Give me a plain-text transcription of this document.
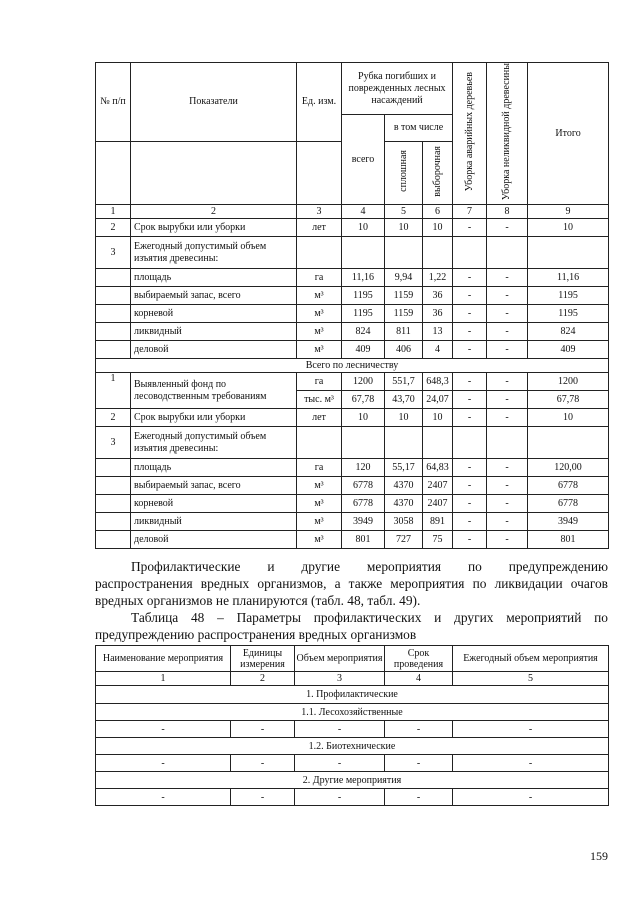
№ п/п	Показатели	Ед. изм.	Рубка погибших и поврежденных лесных насаждений			Уборка аварийных деревьев	Уборка неликвидной древесины	Итого
			всего	в том числе				
				сплошная	выборочная			
1	2	3	4	5	6	7	8	9
2	Срок вырубки или уборки	лет	10	10	10	-	-	10
3	Ежегодный допустимый объем изъятия древесины:							
	площадь	га	11,16	9,94	1,22	-	-	11,16
	выбираемый запас, всего	м³	1195	1159	36	-	-	1195
	корневой	м³	1195	1159	36	-	-	1195
	ликвидный	м³	824	811	13	-	-	824
	деловой	м³	409	406	4	-	-	409
Всего по лесничеству								
1	Выявленный фонд по лесоводственным требованиям	га	1200	551,7	648,3	-	-	1200
		тыс. м³	67,78	43,70	24,07	-	-	67,78
2	Срок вырубки или уборки	лет	10	10	10	-	-	10
3	Ежегодный допустимый объем изъятия древесины:							
	площадь	га	120	55,17	64,83	-	-	120,00
	выбираемый запас, всего	м³	6778	4370	2407	-	-	6778
	корневой	м³	6778	4370	2407	-	-	6778
	ликвидный	м³	3949	3058	891	-	-	3949
	деловой	м³	801	727	75	-	-	801

Профилактические и другие мероприятия по предупреждению

распространения вредных организмов, а также мероприятия по ликвидации очагов

вредных организмов не планируются (табл. 48, табл. 49).

Таблица 48 – Параметры профилактических и других мероприятий по

предупреждению распространения вредных организмов

Наименование мероприятия	Единицы измерения	Объем мероприятия	Срок проведения	Ежегодный объем мероприятия
1	2	3	4	5
1. Профилактические				
1.1. Лесохозяйственные				
-	-	-	-	-
1.2. Биотехнические				
-	-	-	-	-
2. Другие мероприятия				
-	-	-	-	-
159
